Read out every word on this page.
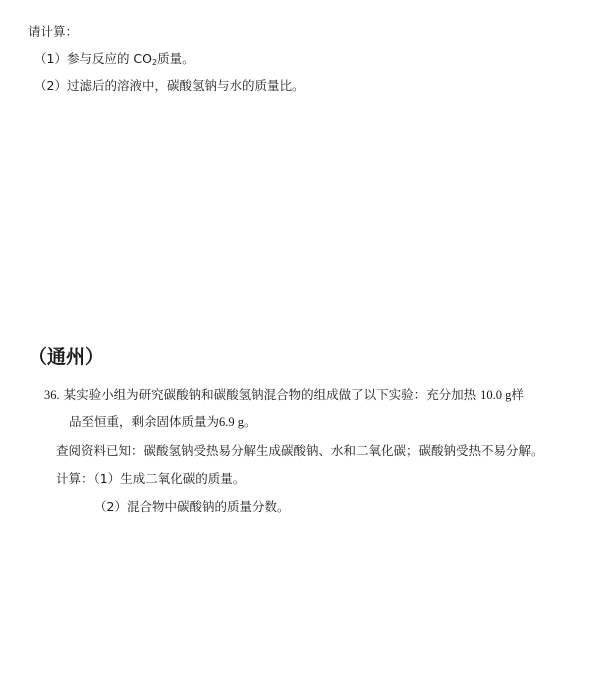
请计算：
（1）参与反应的 $CO_2$质量。
（2）过滤后的溶液中，碳酸氢钠与水的质量比。
（通州）
36. 某实验小组为研究碳酸钠和碳酸氢钠混合物的组成做了以下实验：充分加热 10.0 g样
品至恒重，剩余固体质量为6.9 g。
查阅资料已知：碳酸氢钠受热易分解生成碳酸钠、水和二氧化碳；碳酸钠受热不易分解。
计算：（1）生成二氧化碳的质量。
（2）混合物中碳酸钠的质量分数。
